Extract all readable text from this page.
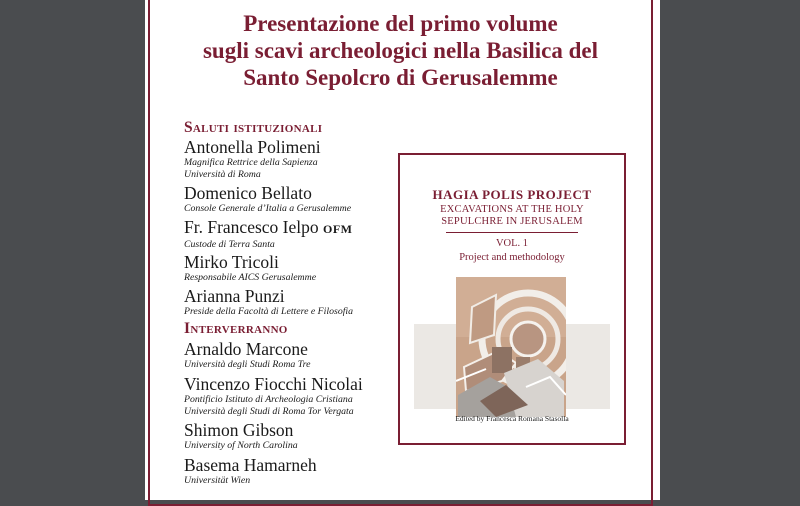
Presentazione del primo volume
sugli scavi archeologici nella Basilica del
Santo Sepolcro di Gerusalemme
Saluti istituzionali
Antonella Polimeni
Magnifica Rettrice della Sapienza
Università di Roma
Domenico Bellato
Console Generale d’Italia a Gerusalemme
Fr. Francesco Ielpo OFM
Custode di Terra Santa
Mirko Tricoli
Responsabile AICS Gerusalemme
Arianna Punzi
Preside della Facoltà di Lettere e Filosofia
Interverranno
Arnaldo Marcone
Università degli Studi Roma Tre
Vincenzo Fiocchi Nicolai
Pontificio Istituto di Archeologia Cristiana
Università degli Studi di Roma Tor Vergata
Shimon Gibson
University of North Carolina
Basema Hamarneh
Universität Wien
HAGIA POLIS PROJECT
EXCAVATIONS AT THE HOLY
SEPULCHRE IN JERUSALEM
VOL. 1
Project and methodology
Edited by Francesca Romana Stasolla
